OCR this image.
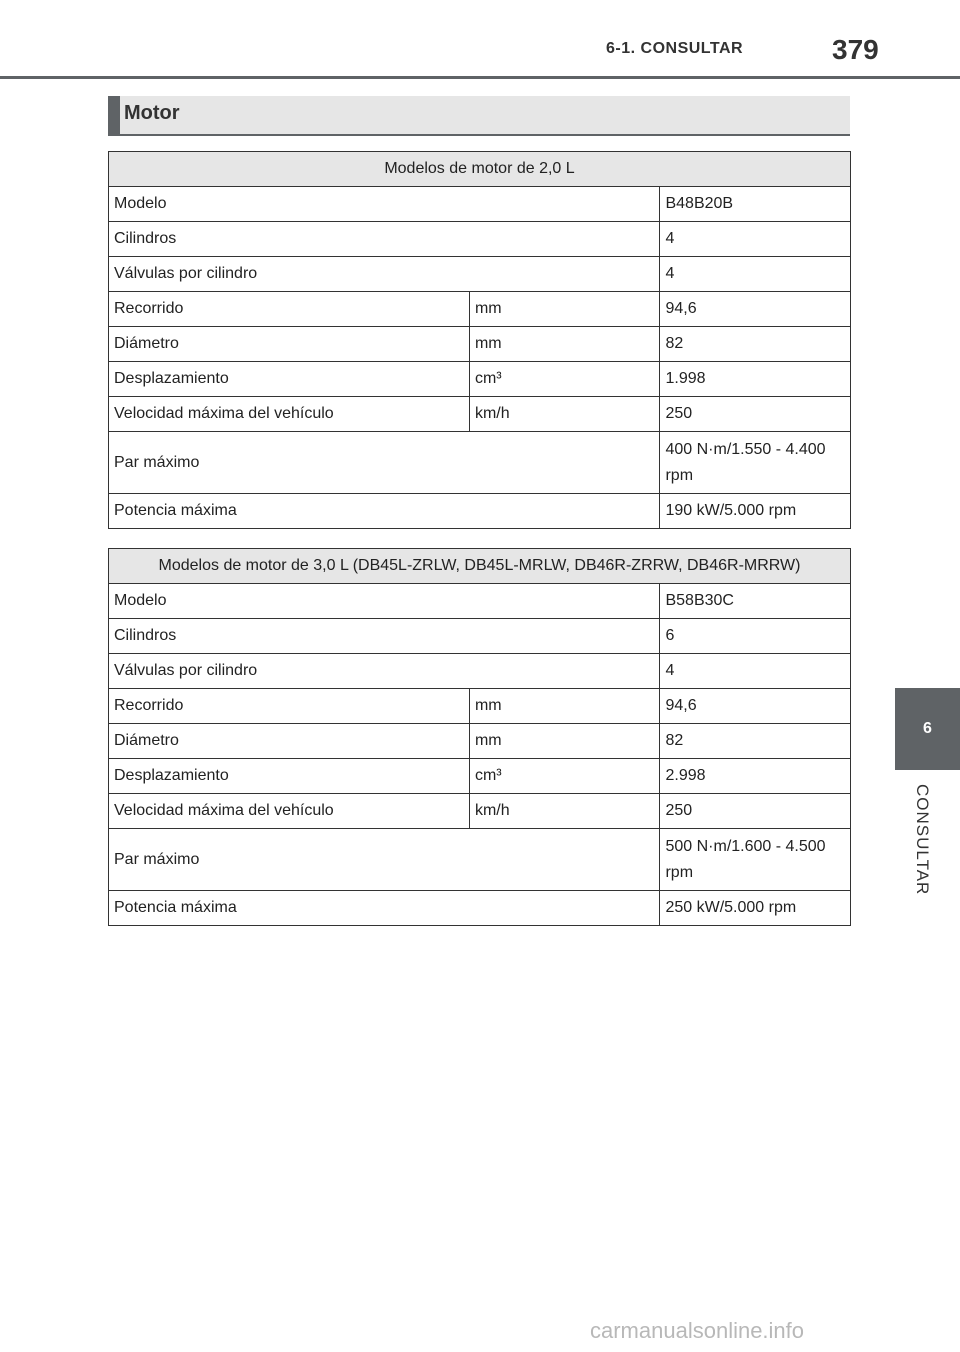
6-1. CONSULTAR	379
6
CONSULTAR
Motor
Modelos de motor de 2,0 L		
Modelo		B48B20B
Cilindros		4
Válvulas por cilindro		4
Recorrido	mm	94,6
Diámetro	mm	82
Desplazamiento	cm³	1.998
Velocidad máxima del vehículo	km/h	250
Par máximo		400 N·m/1.550 - 4.400
rpm
Potencia máxima		190 kW/5.000 rpm
Modelos de motor de 3,0 L (DB45L-ZRLW, DB45L-MRLW, DB46R-ZRRW, DB46R-MRRW)		
Modelo		B58B30C
Cilindros		6
Válvulas por cilindro		4
Recorrido	mm	94,6
Diámetro	mm	82
Desplazamiento	cm³	2.998
Velocidad máxima del vehículo	km/h	250
Par máximo		500 N·m/1.600 - 4.500
rpm
Potencia máxima		250 kW/5.000 rpm
carmanualsonline.info
